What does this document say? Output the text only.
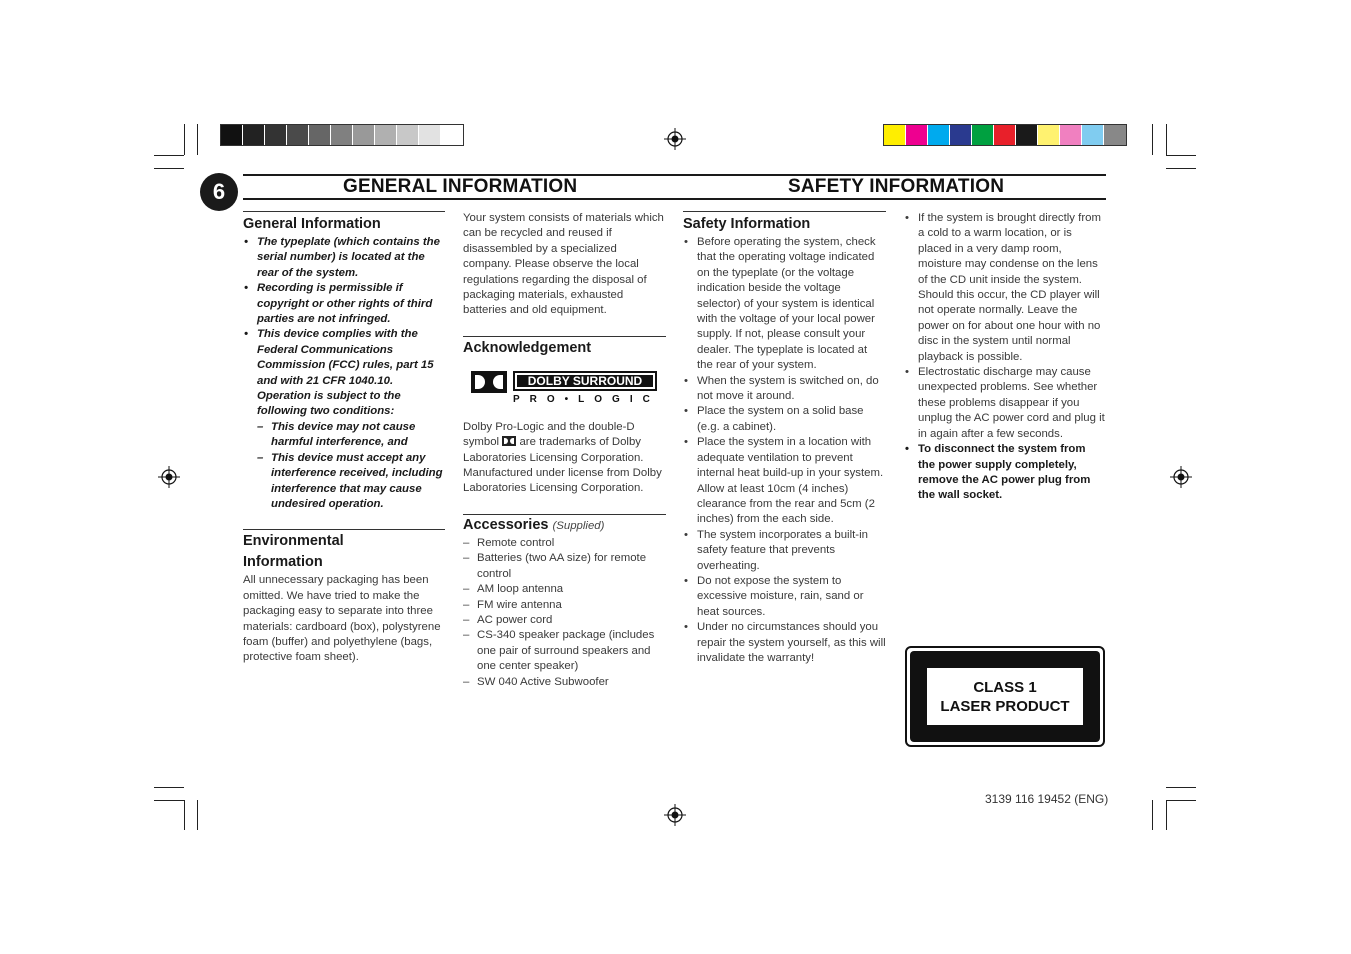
6	GENERAL INFORMATION	SAFETY INFORMATION
General Information
• The typeplate (which contains the serial number) is located at the rear of the system.
• Recording is permissible if copyright or other rights of third parties are not infringed.
• This device complies with the Federal Communications Commission (FCC) rules, part 15 and with 21 CFR 1040.10. Operation is subject to the following two conditions:
– This device may not cause harmful interference, and
– This device must accept any interference received, including interference that may cause undesired operation.
Environmental
Information

All unnecessary packaging has been omitted. We have tried to make the packaging easy to separate into three materials: cardboard (box), polystyrene foam (buffer) and polyethylene (bags, protective foam sheet).

Your system consists of materials which can be recycled and reused if disassembled by a specialized company. Please observe the local regulations regarding the disposal of packaging materials, exhausted batteries and old equipment.

Acknowledgement
DOLBY SURROUND
PRO•LOGIC

Dolby Pro-Logic and the double-D symbol are trademarks of Dolby Laboratories Licensing Corporation. Manufactured under license from Dolby Laboratories Licensing Corporation.

Accessories (Supplied)
– Remote control
– Batteries (two AA size) for remote control
– AM loop antenna
– FM wire antenna
– AC power cord
– CS-340 speaker package (includes one pair of surround speakers and one center speaker)
– SW 040 Active Subwoofer
Safety Information
• Before operating the system, check that the operating voltage indicated on the typeplate (or the voltage indication beside the voltage selector) of your system is identical with the voltage of your local power supply. If not, please consult your dealer. The typeplate is located at the rear of your system.
• When the system is switched on, do not move it around.
• Place the system on a solid base (e.g. a cabinet).
• Place the system in a location with adequate ventilation to prevent internal heat build-up in your system. Allow at least 10cm (4 inches) clearance from the rear and 5cm (2 inches) from the each side.
• The system incorporates a built-in safety feature that prevents overheating.
• Do not expose the system to excessive moisture, rain, sand or heat sources.
• Under no circumstances should you repair the system yourself, as this will invalidate the warranty!
• If the system is brought directly from a cold to a warm location, or is placed in a very damp room, moisture may condense on the lens of the CD unit inside the system. Should this occur, the CD player will not operate normally. Leave the power on for about one hour with no disc in the system until normal playback is possible.
• Electrostatic discharge may cause unexpected problems. See whether these problems disappear if you unplug the AC power cord and plug it in again after a few seconds.
• To disconnect the system from the power supply completely, remove the AC power plug from the wall socket.
CLASS 1
LASER PRODUCT
3139 116 19452 (ENG)
